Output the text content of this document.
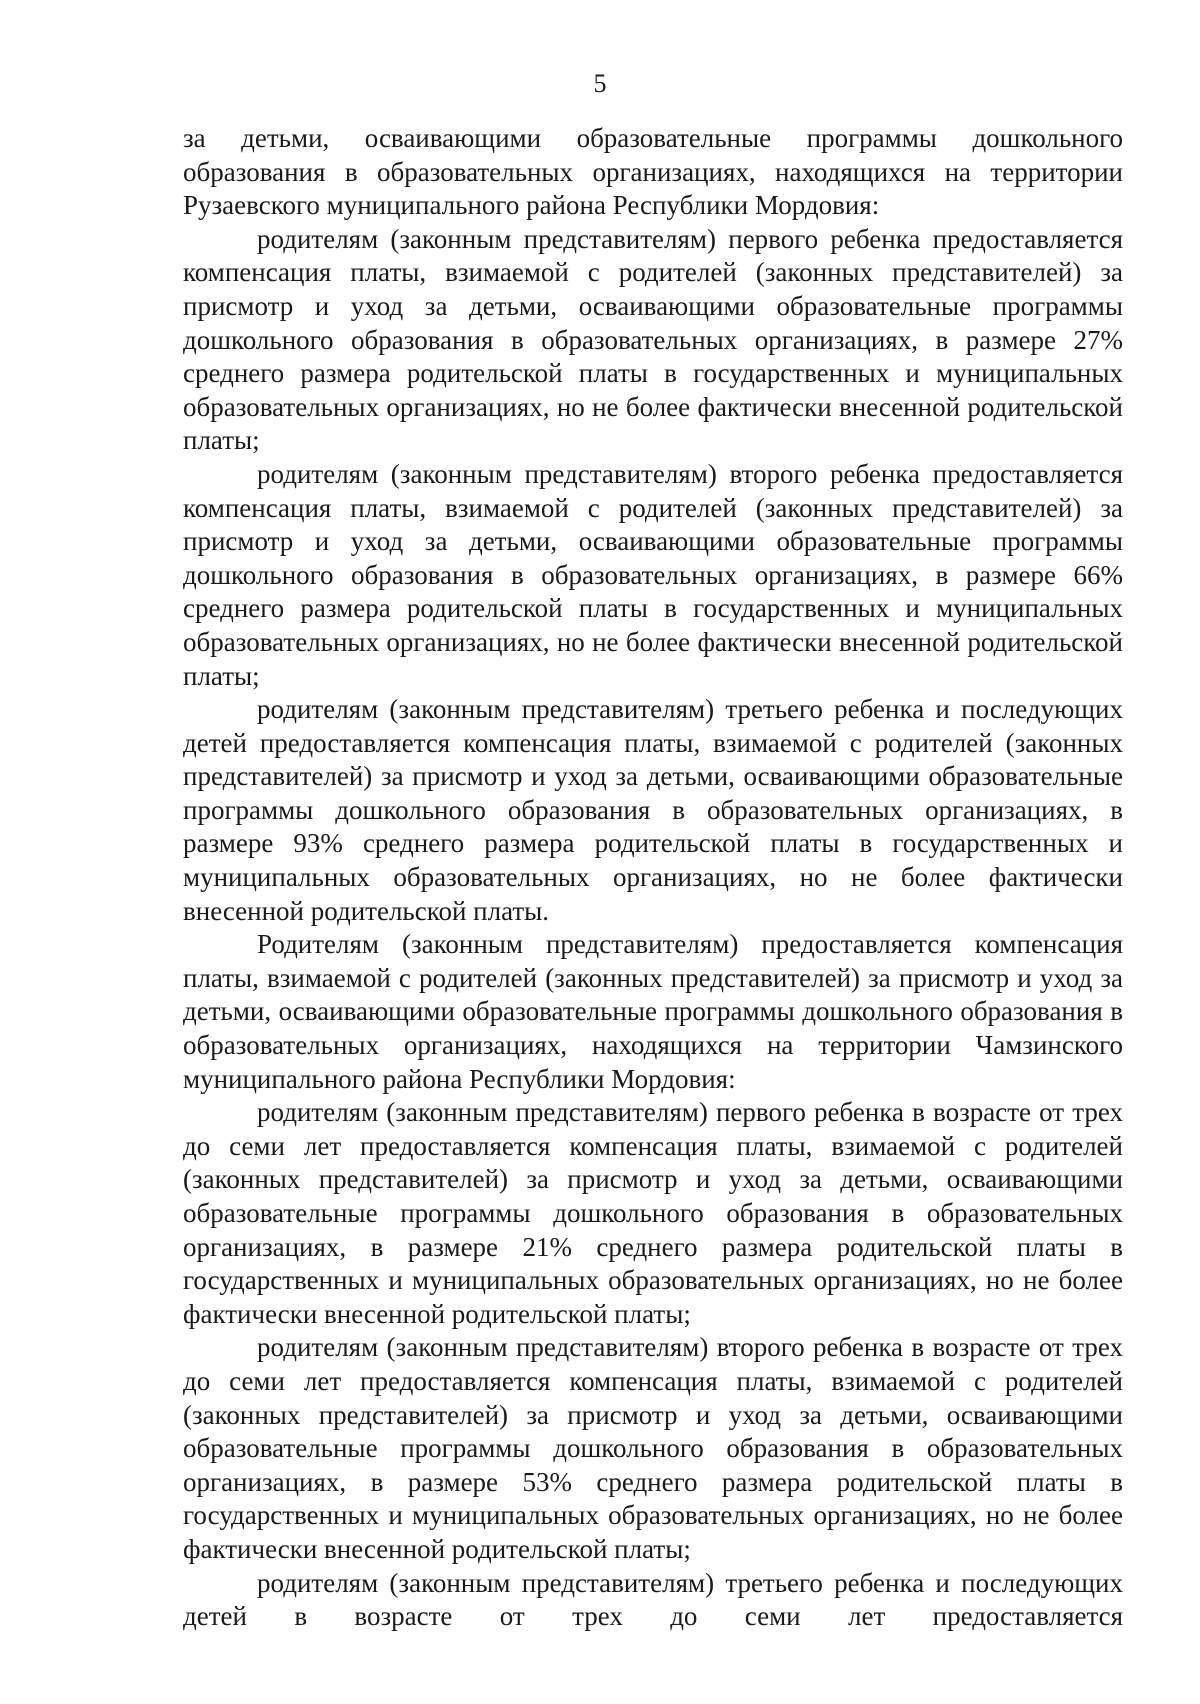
5

за детьми, осваивающими образовательные программы дошкольного образования в образовательных организациях, находящихся на территории Рузаевского муниципального района Республики Мордовия:

родителям (законным представителям) первого ребенка предоставляется компенсация платы, взимаемой с родителей (законных представителей) за присмотр и уход за детьми, осваивающими образовательные программы дошкольного образования в образовательных организациях, в размере 27% среднего размера родительской платы в государственных и муниципальных образовательных организациях, но не более фактически внесенной родительской платы;

родителям (законным представителям) второго ребенка предоставляется компенсация платы, взимаемой с родителей (законных представителей) за присмотр и уход за детьми, осваивающими образовательные программы дошкольного образования в образовательных организациях, в размере 66% среднего размера родительской платы в государственных и муниципальных образовательных организациях, но не более фактически внесенной родительской платы;

родителям (законным представителям) третьего ребенка и последующих детей предоставляется компенсация платы, взимаемой с родителей (законных представителей) за присмотр и уход за детьми, осваивающими образовательные программы дошкольного образования в образовательных организациях, в размере 93% среднего размера родительской платы в государственных и муниципальных образовательных организациях, но не более фактически внесенной родительской платы.

Родителям (законным представителям) предоставляется компенсация платы, взимаемой с родителей (законных представителей) за присмотр и уход за детьми, осваивающими образовательные программы дошкольного образования в образовательных организациях, находящихся на территории Чамзинского муниципального района Республики Мордовия:

родителям (законным представителям) первого ребенка в возрасте от трех до семи лет предоставляется компенсация платы, взимаемой с родителей (законных представителей) за присмотр и уход за детьми, осваивающими образовательные программы дошкольного образования в образовательных организациях, в размере 21% среднего размера родительской платы в государственных и муниципальных образовательных организациях, но не более фактически внесенной родительской платы;

родителям (законным представителям) второго ребенка в возрасте от трех до семи лет предоставляется компенсация платы, взимаемой с родителей (законных представителей) за присмотр и уход за детьми, осваивающими образовательные программы дошкольного образования в образовательных организациях, в размере 53% среднего размера родительской платы в государственных и муниципальных образовательных организациях, но не более фактически внесенной родительской платы;

родителям (законным представителям) третьего ребенка и последующих детей в возрасте от трех до семи лет предоставляется
